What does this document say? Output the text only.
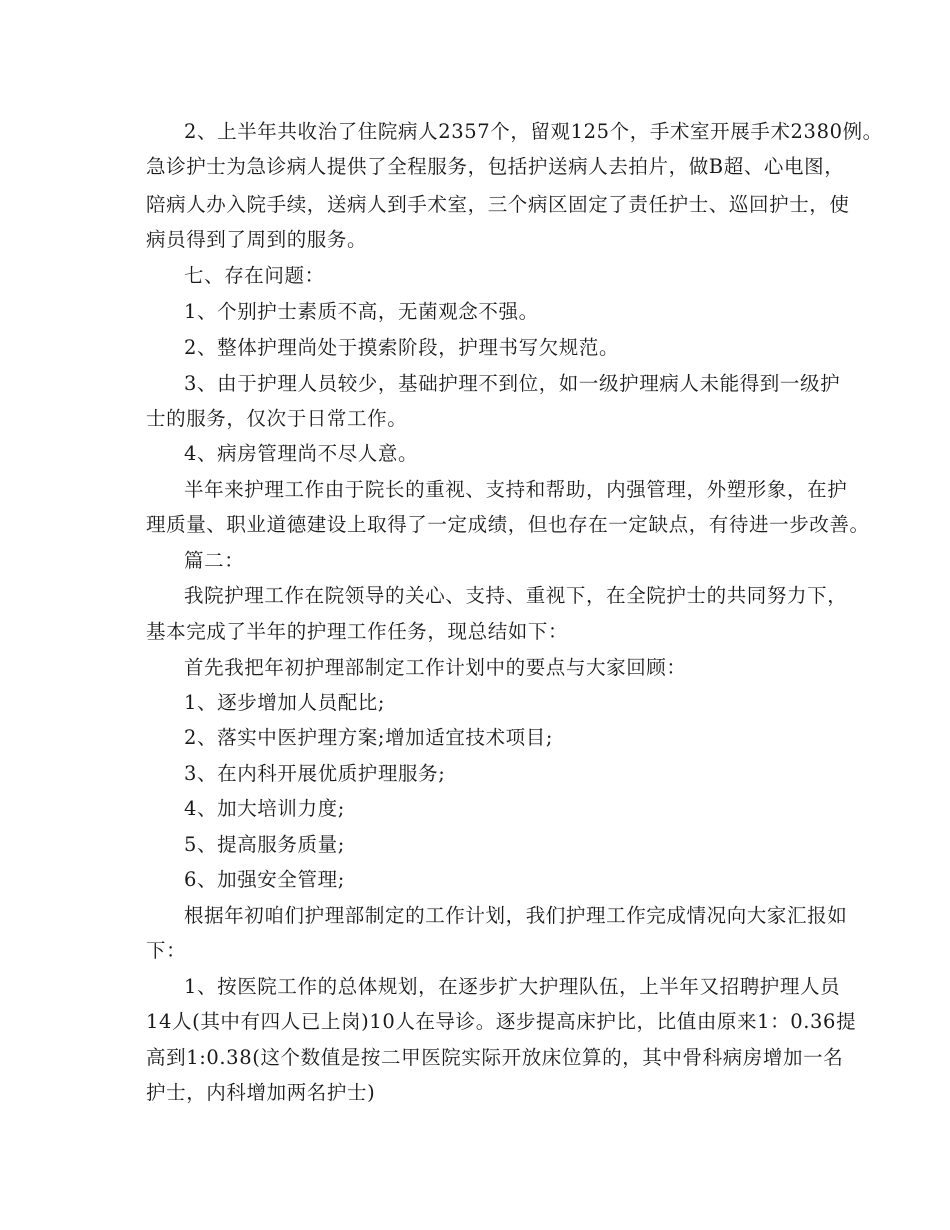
2、上半年共收治了住院病人2357个，留观125个，手术室开展手术2380例。
急诊护士为急诊病人提供了全程服务，包括护送病人去拍片，做B超、心电图，
陪病人办入院手续，送病人到手术室，三个病区固定了责任护士、巡回护士，使
病员得到了周到的服务。
七、存在问题：
1、个别护士素质不高，无菌观念不强。
2、整体护理尚处于摸索阶段，护理书写欠规范。
3、由于护理人员较少，基础护理不到位，如一级护理病人未能得到一级护
士的服务，仅次于日常工作。
4、病房管理尚不尽人意。
半年来护理工作由于院长的重视、支持和帮助，内强管理，外塑形象，在护
理质量、职业道德建设上取得了一定成绩，但也存在一定缺点，有待进一步改善。
篇二：
我院护理工作在院领导的关心、支持、重视下，在全院护士的共同努力下，
基本完成了半年的护理工作任务，现总结如下：
首先我把年初护理部制定工作计划中的要点与大家回顾：
1、逐步增加人员配比;
2、落实中医护理方案;增加适宜技术项目;
3、在内科开展优质护理服务;
4、加大培训力度;
5、提高服务质量;
6、加强安全管理;
根据年初咱们护理部制定的工作计划，我们护理工作完成情况向大家汇报如
下：
1、按医院工作的总体规划，在逐步扩大护理队伍，上半年又招聘护理人员
14人(其中有四人已上岗)10人在导诊。逐步提高床护比，比值由原来1：0.36提
高到1:0.38(这个数值是按二甲医院实际开放床位算的，其中骨科病房增加一名
护士，内科增加两名护士)
